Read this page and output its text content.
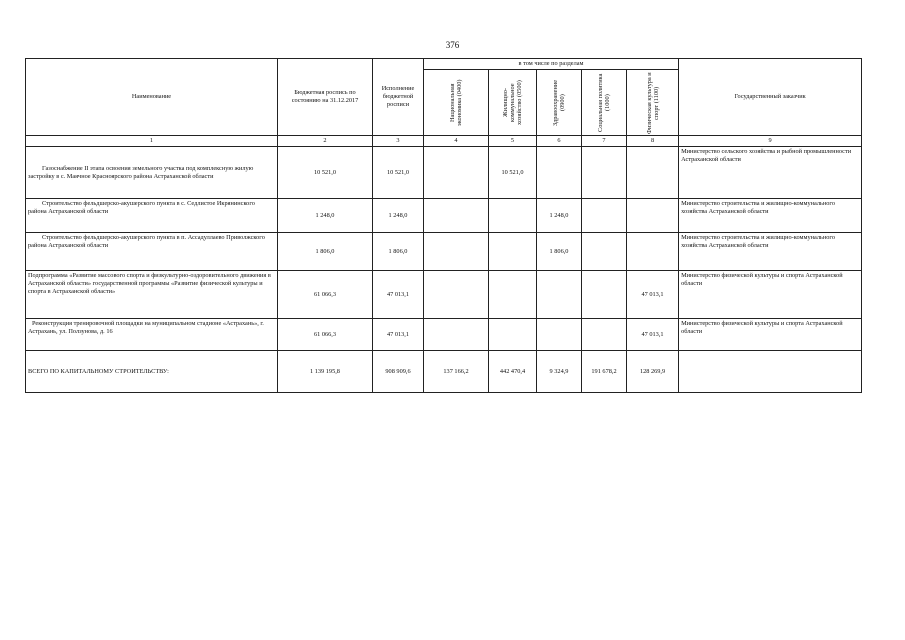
376
Наименование	Бюджетная роспись по состоянию на 31.12.2017	Исполнение бюджетной росписи	в том числе по разделам					Государственный заказчик

			Национальная экономика (0400)	Жилищно-коммунальное хозяйство (0500)	Здравоохранение (0900)	Социальная политика (1000)	Физическая культура и спорт (1100)	

1	2	3	4	5	6	7	8	9
Газоснабжение II этапа освоения земельного участка под комплексную жилую застройку в с. Маячное Красноярского района Астраханской области	10 521,0	10 521,0		10 521,0				Министерство сельского хозяйства и рыбной промышленности Астраханской области
Строительство фельдшерско-акушерского пункта в с. Седлистое Икрянинского района Астраханской области	1 248,0	1 248,0			1 248,0			Министерство строительства и жилищно-коммунального хозяйства Астраханской области
Строительство фельдшерско-акушерского пункта в п. Ассадуллаево Приволжского района Астраханской области	1 806,0	1 806,0			1 806,0			Министерство строительства и жилищно-коммунального хозяйства Астраханской области
Подпрограмма «Развитие массового спорта и физкультурно-оздоровительного движения в Астраханской области» государственной программы «Развитие физической культуры и спорта в Астраханской области»	61 066,3	47 013,1					47 013,1	Министерство физической культуры и спорта Астраханской области
Реконструкция тренировочной площадки на муниципальном стадионе «Астрахань», г. Астрахань, ул. Ползунова, д. 16	61 066,3	47 013,1					47 013,1	Министерство физической культуры и спорта Астраханской области
ВСЕГО ПО КАПИТАЛЬНОМУ СТРОИТЕЛЬСТВУ:	1 139 195,8	908 909,6	137 166,2	442 470,4	9 324,9	191 678,2	128 269,9	
